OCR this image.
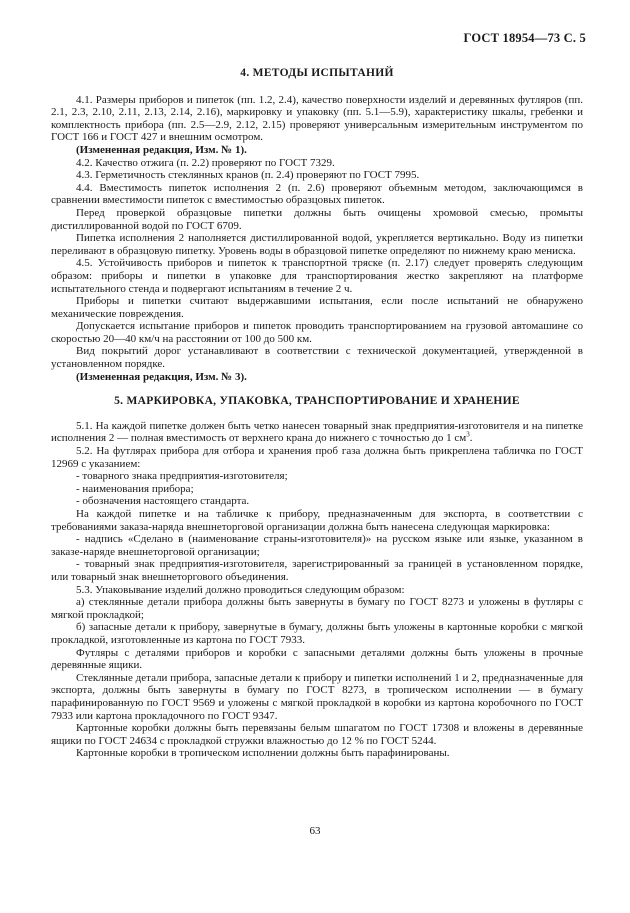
ГОСТ 18954—73 С. 5
4. МЕТОДЫ ИСПЫТАНИЙ

4.1. Размеры приборов и пипеток (пп. 1.2, 2.4), качество поверхности изделий и деревянных футляров (пп. 2.1, 2.3, 2.10, 2.11, 2.13, 2.14, 2.16), маркировку и упаковку (пп. 5.1—5.9), характеристику шкалы, гребенки и комплектность прибора (пп. 2.5—2.9, 2.12, 2.15) проверяют универсальным измерительным инструментом по ГОСТ 166 и ГОСТ 427 и внешним осмотром.

(Измененная редакция, Изм. № 1).

4.2. Качество отжига (п. 2.2) проверяют по ГОСТ 7329.

4.3. Герметичность стеклянных кранов (п. 2.4) проверяют по ГОСТ 7995.

4.4. Вместимость пипеток исполнения 2 (п. 2.6) проверяют объемным методом, заключающимся в сравнении вместимости пипеток с вместимостью образцовых пипеток.

Перед проверкой образцовые пипетки должны быть очищены хромовой смесью, промыты дистиллированной водой по ГОСТ 6709.

Пипетка исполнения 2 наполняется дистиллированной водой, укрепляется вертикально. Воду из пипетки переливают в образцовую пипетку. Уровень воды в образцовой пипетке определяют по нижнему краю мениска.

4.5. Устойчивость приборов и пипеток к транспортной тряске (п. 2.17) следует проверять следующим образом: приборы и пипетки в упаковке для транспортирования жестко закрепляют на платформе испытательного стенда и подвергают испытаниям в течение 2 ч.

Приборы и пипетки считают выдержавшими испытания, если после испытаний не обнаружено механические повреждения.

Допускается испытание приборов и пипеток проводить транспортированием на грузовой автомашине со скоростью 20—40 км/ч на расстоянии от 100 до 500 км.

Вид покрытий дорог устанавливают в соответствии с технической документацией, утвержденной в установленном порядке.

(Измененная редакция, Изм. № 3).

5. МАРКИРОВКА, УПАКОВКА, ТРАНСПОРТИРОВАНИЕ И ХРАНЕНИЕ

5.1. На каждой пипетке должен быть четко нанесен товарный знак предприятия-изготовителя и на пипетке исполнения 2 — полная вместимость от верхнего крана до нижнего с точностью до 1 $см^3$.

5.2. На футлярах прибора для отбора и хранения проб газа должна быть прикреплена табличка по ГОСТ 12969 с указанием:

- товарного знака предприятия-изготовителя;

- наименования прибора;

- обозначения настоящего стандарта.

На каждой пипетке и на табличке к прибору, предназначенным для экспорта, в соответствии с требованиями заказа-наряда внешнеторговой организации должна быть нанесена следующая маркировка:

- надпись «Сделано в (наименование страны-изготовителя)» на русском языке или языке, указанном в заказе-наряде внешнеторговой организации;

- товарный знак предприятия-изготовителя, зарегистрированный за границей в установленном порядке, или товарный знак внешнеторгового объединения.

5.3. Упаковывание изделий должно проводиться следующим образом:

а) стеклянные детали прибора должны быть завернуты в бумагу по ГОСТ 8273 и уложены в футляры с мягкой прокладкой;

б) запасные детали к прибору, завернутые в бумагу, должны быть уложены в картонные коробки с мягкой прокладкой, изготовленные из картона по ГОСТ 7933.

Футляры с деталями приборов и коробки с запасными деталями должны быть уложены в прочные деревянные ящики.

Стеклянные детали прибора, запасные детали к прибору и пипетки исполнений 1 и 2, предназначенные для экспорта, должны быть завернуты в бумагу по ГОСТ 8273, в тропическом исполнении — в бумагу парафинированную по ГОСТ 9569 и уложены с мягкой прокладкой в коробки из картона коробочного по ГОСТ 7933 или картона прокладочного по ГОСТ 9347.

Картонные коробки должны быть перевязаны белым шпагатом по ГОСТ 17308 и вложены в деревянные ящики по ГОСТ 24634 с прокладкой стружки влажностью до 12 % по ГОСТ 5244.

Картонные коробки в тропическом исполнении должны быть парафинированы.

63
